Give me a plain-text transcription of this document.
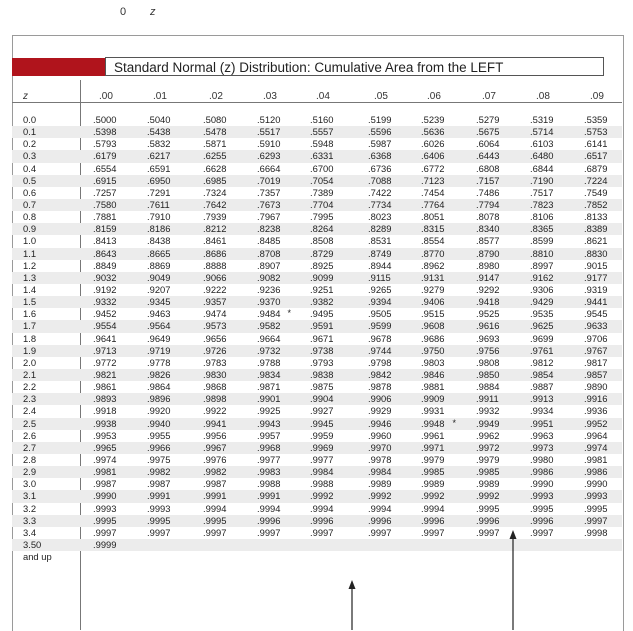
0 z
Standard Normal (z) Distribution: Cumulative Area from the LEFT
z	.00	.01	.02	.03	.04	.05	.06	.07	.08	.09
0.0	.5000	.5040	.5080	.5120	.5160	.5199	.5239	.5279	.5319	.5359
0.1	.5398	.5438	.5478	.5517	.5557	.5596	.5636	.5675	.5714	.5753
0.2	.5793	.5832	.5871	.5910	.5948	.5987	.6026	.6064	.6103	.6141
0.3	.6179	.6217	.6255	.6293	.6331	.6368	.6406	.6443	.6480	.6517
0.4	.6554	.6591	.6628	.6664	.6700	.6736	.6772	.6808	.6844	.6879
0.5	.6915	.6950	.6985	.7019	.7054	.7088	.7123	.7157	.7190	.7224
0.6	.7257	.7291	.7324	.7357	.7389	.7422	.7454	.7486	.7517	.7549
0.7	.7580	.7611	.7642	.7673	.7704	.7734	.7764	.7794	.7823	.7852
0.8	.7881	.7910	.7939	.7967	.7995	.8023	.8051	.8078	.8106	.8133
0.9	.8159	.8186	.8212	.8238	.8264	.8289	.8315	.8340	.8365	.8389
1.0	.8413	.8438	.8461	.8485	.8508	.8531	.8554	.8577	.8599	.8621
1.1	.8643	.8665	.8686	.8708	.8729	.8749	.8770	.8790	.8810	.8830
1.2	.8849	.8869	.8888	.8907	.8925	.8944	.8962	.8980	.8997	.9015
1.3	.9032	.9049	.9066	.9082	.9099	.9115	.9131	.9147	.9162	.9177
1.4	.9192	.9207	.9222	.9236	.9251	.9265	.9279	.9292	.9306	.9319
1.5	.9332	.9345	.9357	.9370	.9382	.9394	.9406	.9418	.9429	.9441
1.6	.9452	.9463	.9474	.9484	.9495	.9505	.9515	.9525	.9535	.9545
1.7	.9554	.9564	.9573	.9582	.9591	.9599	.9608	.9616	.9625	.9633
1.8	.9641	.9649	.9656	.9664	.9671	.9678	.9686	.9693	.9699	.9706
1.9	.9713	.9719	.9726	.9732	.9738	.9744	.9750	.9756	.9761	.9767
2.0	.9772	.9778	.9783	.9788	.9793	.9798	.9803	.9808	.9812	.9817
2.1	.9821	.9826	.9830	.9834	.9838	.9842	.9846	.9850	.9854	.9857
2.2	.9861	.9864	.9868	.9871	.9875	.9878	.9881	.9884	.9887	.9890
2.3	.9893	.9896	.9898	.9901	.9904	.9906	.9909	.9911	.9913	.9916
2.4	.9918	.9920	.9922	.9925	.9927	.9929	.9931	.9932	.9934	.9936
2.5	.9938	.9940	.9941	.9943	.9945	.9946	.9948	.9949	.9951	.9952
2.6	.9953	.9955	.9956	.9957	.9959	.9960	.9961	.9962	.9963	.9964
2.7	.9965	.9966	.9967	.9968	.9969	.9970	.9971	.9972	.9973	.9974
2.8	.9974	.9975	.9976	.9977	.9977	.9978	.9979	.9979	.9980	.9981
2.9	.9981	.9982	.9982	.9983	.9984	.9984	.9985	.9985	.9986	.9986
3.0	.9987	.9987	.9987	.9988	.9988	.9989	.9989	.9989	.9990	.9990
3.1	.9990	.9991	.9991	.9991	.9992	.9992	.9992	.9992	.9993	.9993
3.2	.9993	.9993	.9994	.9994	.9994	.9994	.9994	.9995	.9995	.9995
3.3	.9995	.9995	.9995	.9996	.9996	.9996	.9996	.9996	.9996	.9997
3.4	.9997	.9997	.9997	.9997	.9997	.9997	.9997	.9997	.9997	.9998
3.50	.9999
and up
*
*
